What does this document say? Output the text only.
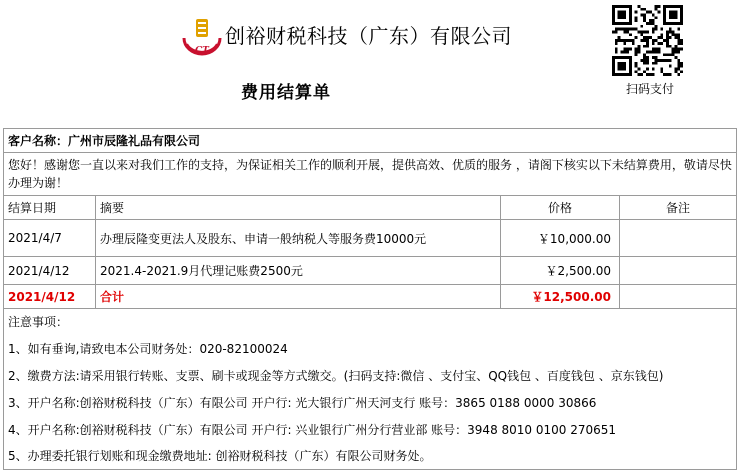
CT
创裕财税科技（广东）有限公司
费用结算单	扫码支付
客户名称：广州市辰隆礼品有限公司			
您好！感谢您一直以来对我们工作的支持，为保证相关工作的顺利开展，提供高效、优质的服务 ，请阁下核实以下未结算费用，敬请尽快办理为谢！			
结算日期	摘要	价格	备注
2021/4/7	办理辰隆变更法人及股东、申请一般纳税人等服务费10000元	￥10,000.00	
2021/4/12	2021.4-2021.9月代理记账费2500元	￥2,500.00	
2021/4/12	合计	￥12,500.00	
注意事项：			
1、如有垂询,请致电本公司财务处：020-82100024			
2、缴费方法:请采用银行转账、支票、刷卡或现金等方式缴交。(扫码支持:微信 、支付宝、QQ钱包 、百度钱包 、京东钱包)			
3、开户名称:创裕财税科技（广东）有限公司 开户行: 光大银行广州天河支行 账号：3865 0188 0000 30866			
4、开户名称:创裕财税科技（广东）有限公司 开户行: 兴业银行广州分行营业部 账号：3948 8010 0100 270651			
5、办理委托银行划账和现金缴费地址: 创裕财税科技（广东）有限公司财务处。			
